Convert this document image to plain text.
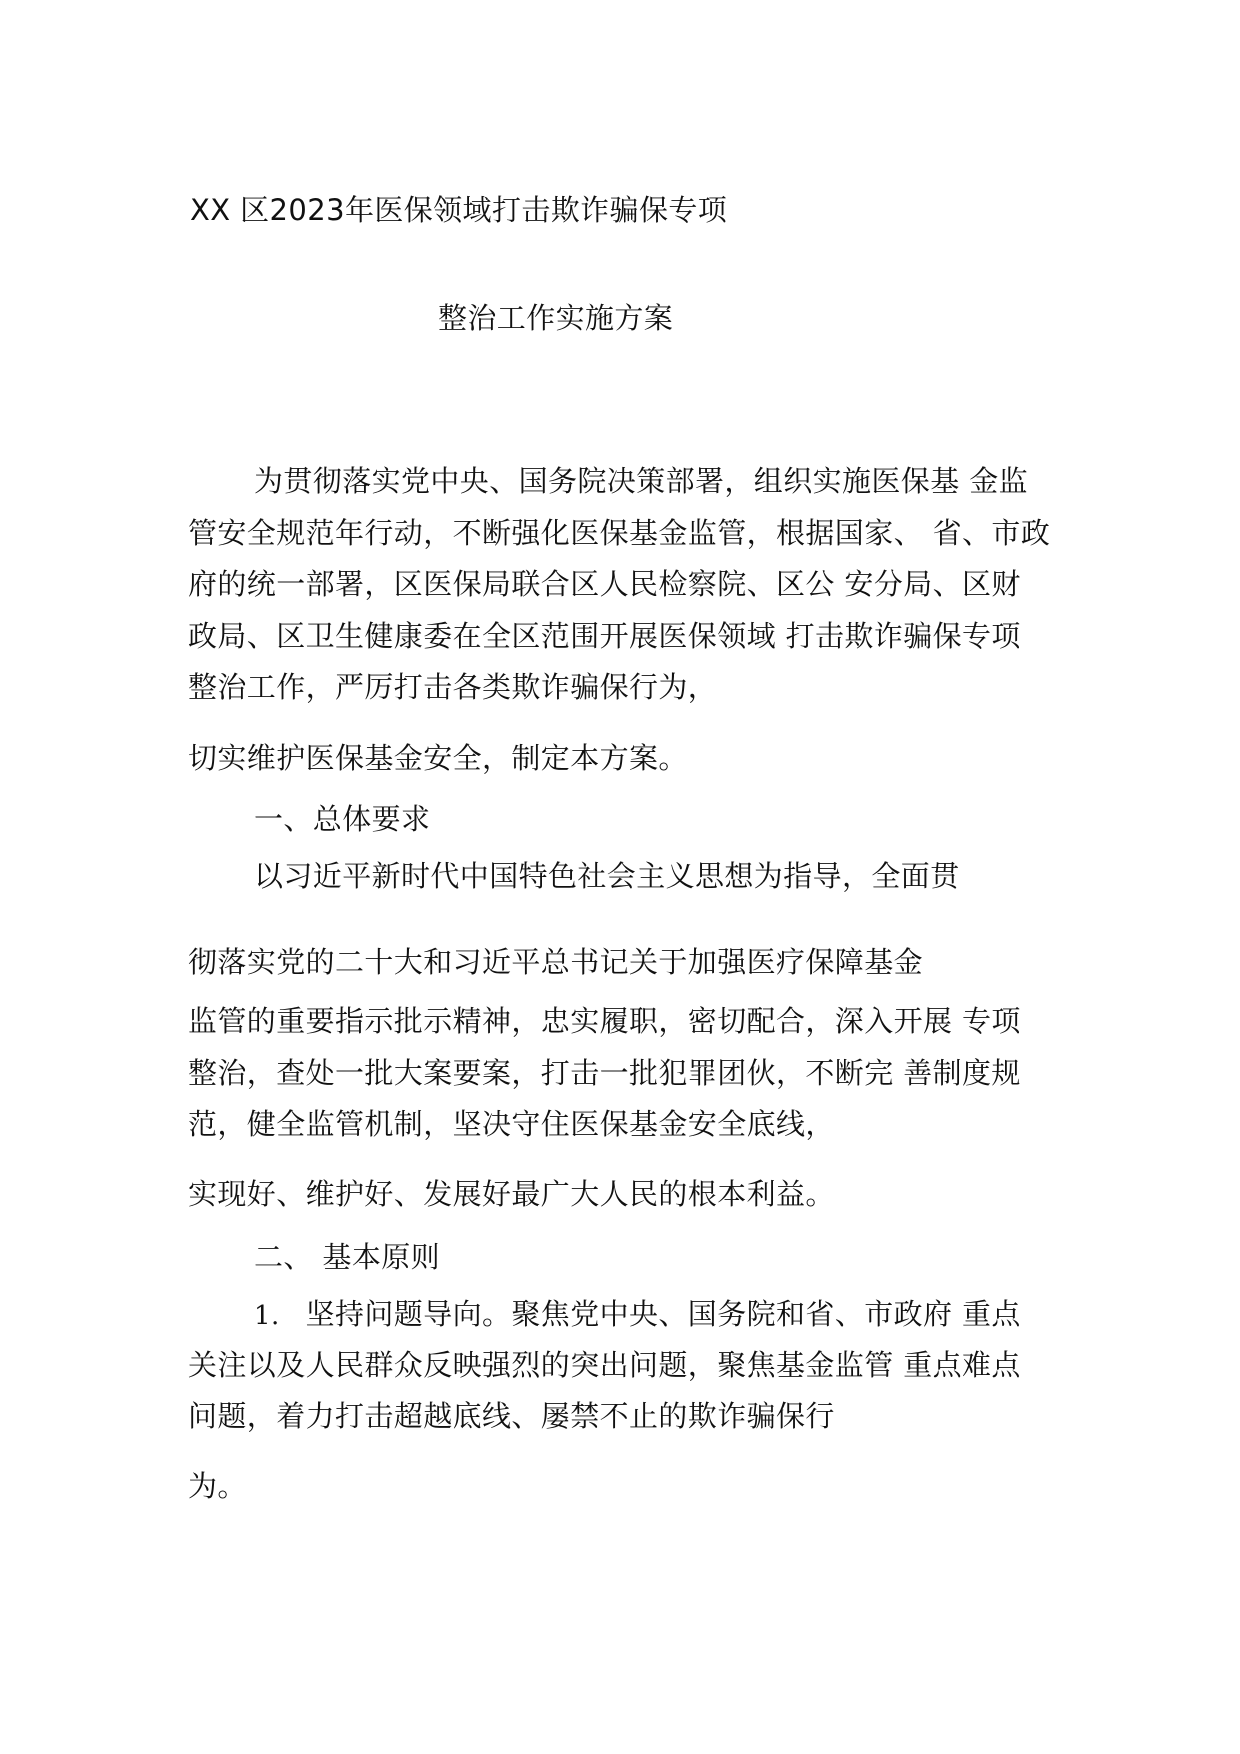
XX 区2023年医保领域打击欺诈骗保专项

整治工作实施方案

为贯彻落实党中央、国务院决策部署，组织实施医保基 金监

管安全规范年行动，不断强化医保基金监管，根据国家、 省、市政

府的统一部署，区医保局联合区人民检察院、区公 安分局、区财

政局、区卫生健康委在全区范围开展医保领域 打击欺诈骗保专项

整治工作，严厉打击各类欺诈骗保行为，

切实维护医保基金安全，制定本方案。

一、总体要求

以习近平新时代中国特色社会主义思想为指导，全面贯

彻落实党的二十大和习近平总书记关于加强医疗保障基金

监管的重要指示批示精神，忠实履职，密切配合，深入开展 专项

整治，查处一批大案要案，打击一批犯罪团伙，不断完 善制度规

范，健全监管机制，坚决守住医保基金安全底线，

实现好、维护好、发展好最广大人民的根本利益。

二、 基本原则

1. 坚持问题导向。聚焦党中央、国务院和省、市政府 重点

关注以及人民群众反映强烈的突出问题，聚焦基金监管 重点难点

问题，着力打击超越底线、屡禁不止的欺诈骗保行

为。
